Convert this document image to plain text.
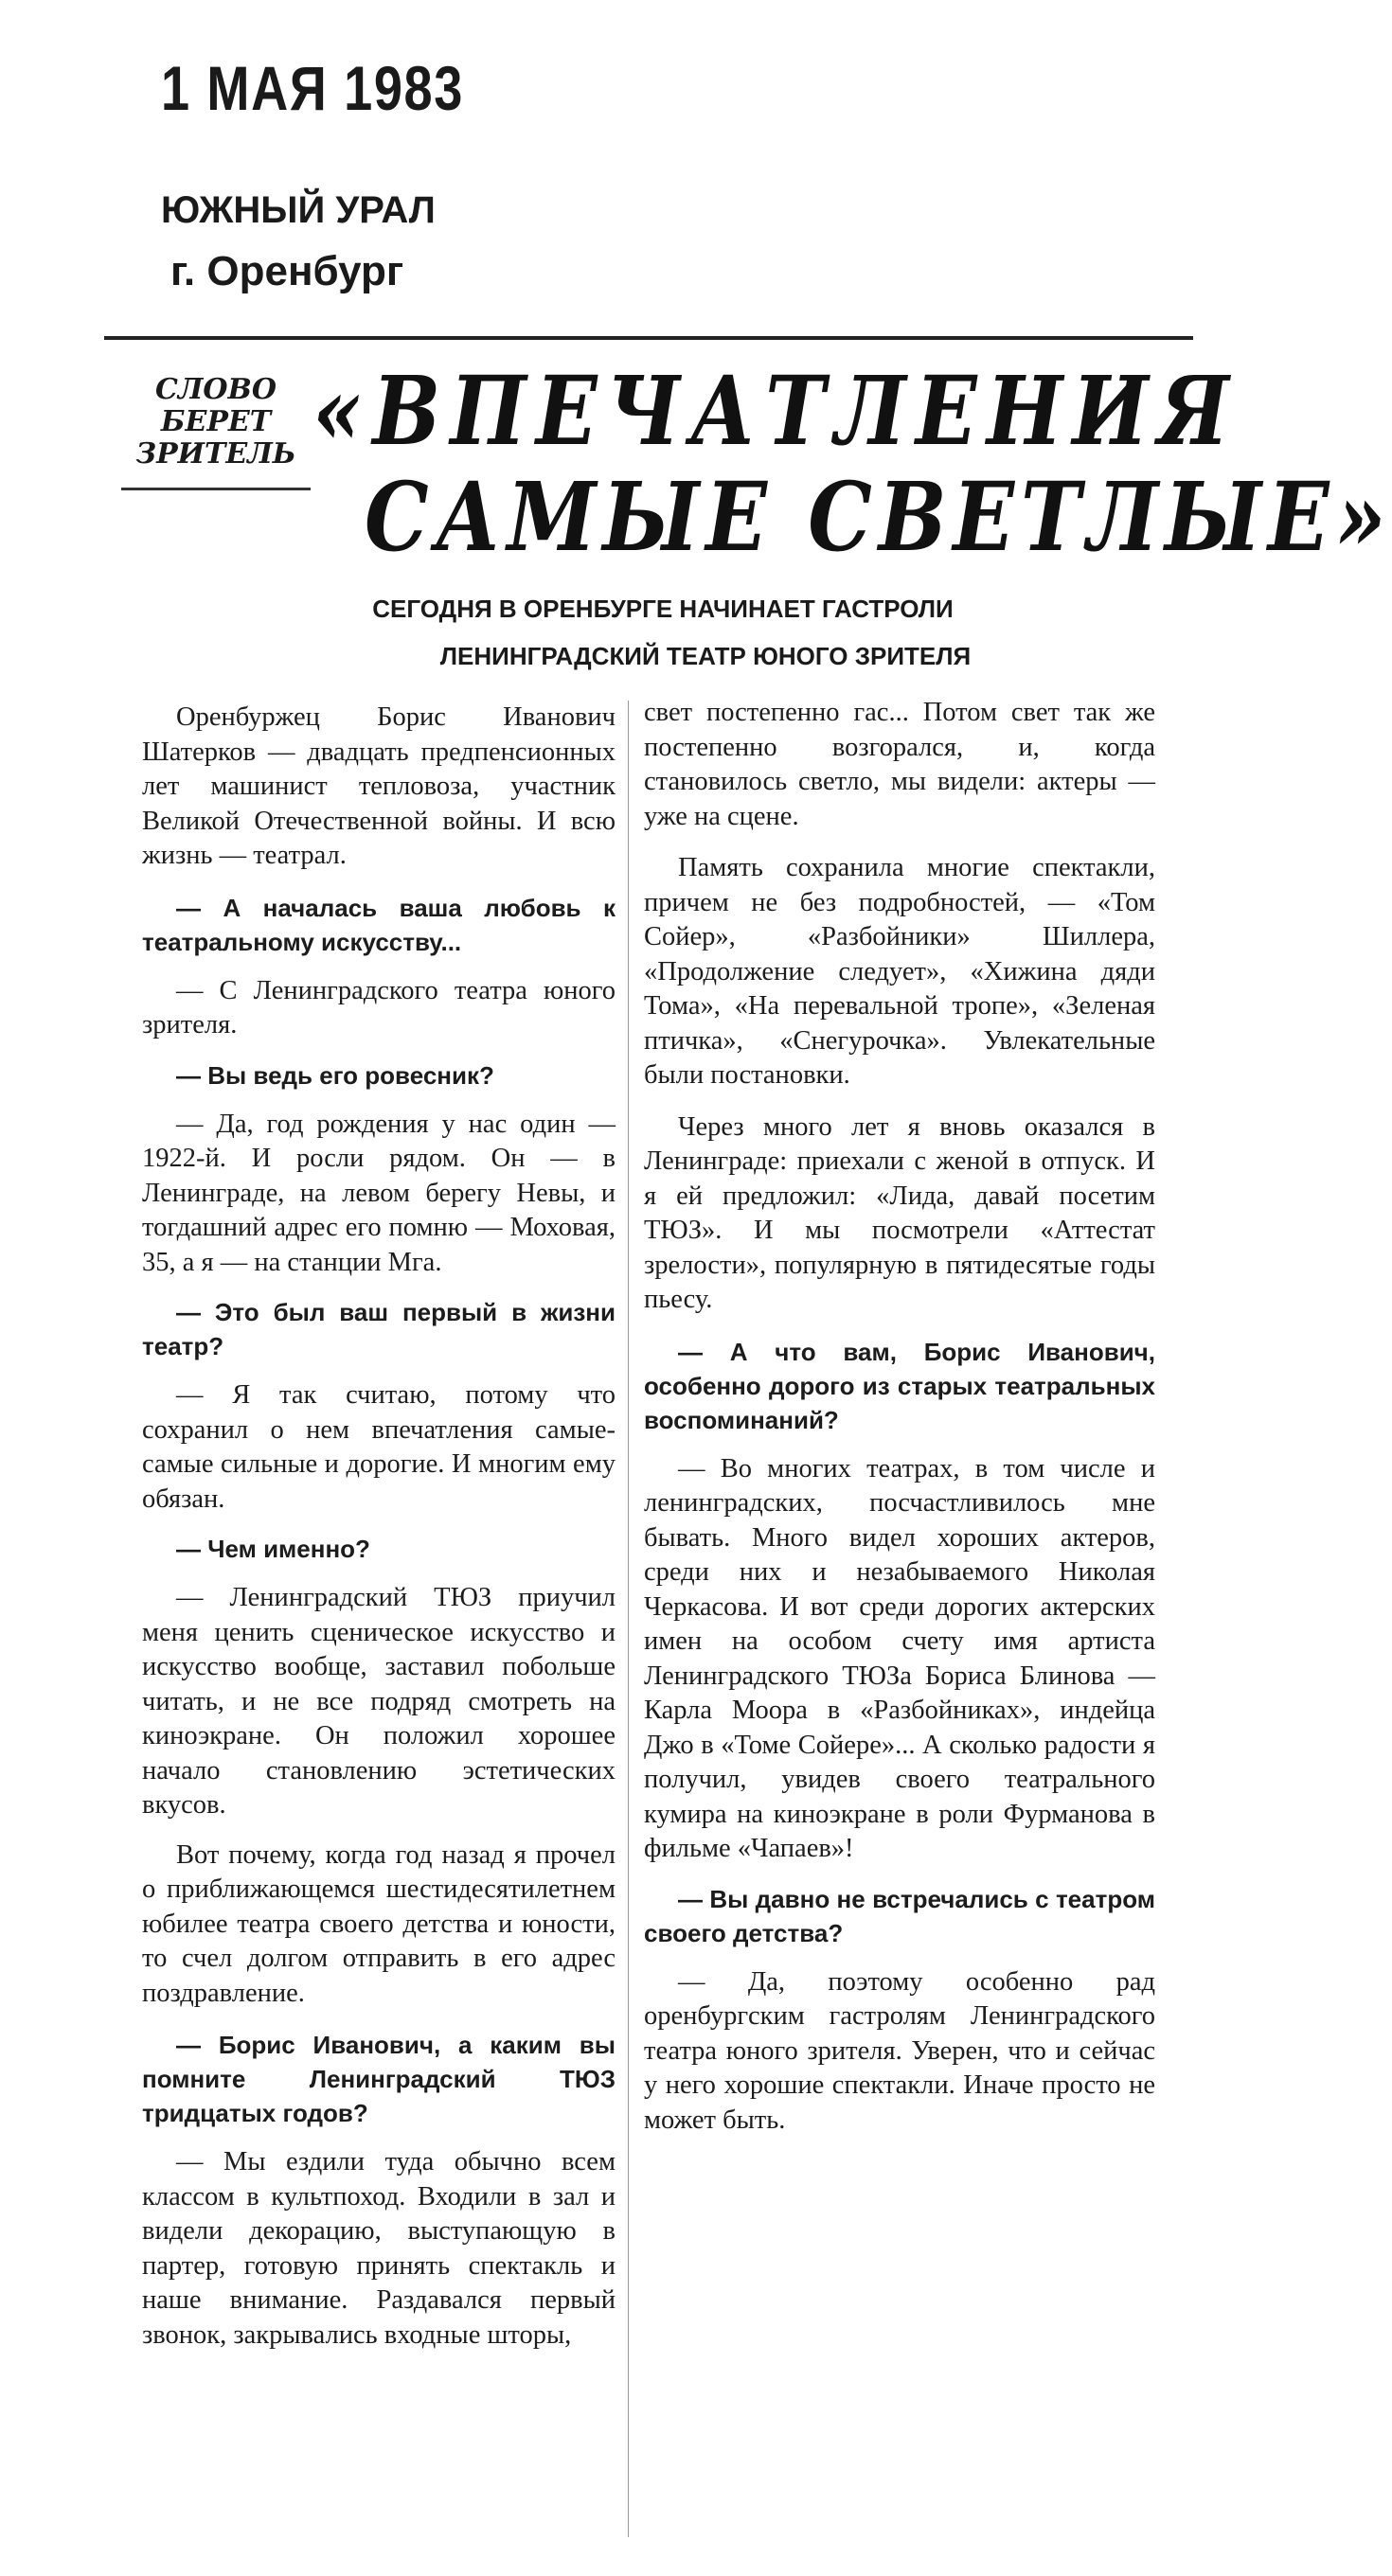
1 МАЯ 1983
ЮЖНЫЙ УРАЛ
г. Оренбург
СЛОВО
БЕРЕТ
ЗРИТЕЛЬ «ВПЕЧАТЛЕНИЯ
САМЫЕ СВЕТЛЫЕ»
СЕГОДНЯ В ОРЕНБУРГЕ НАЧИНАЕТ ГАСТРОЛИ
ЛЕНИНГРАДСКИЙ ТЕАТР ЮНОГО ЗРИТЕЛЯ

Оренбуржец Борис Иванович Шатерков — двадцать предпенсионных лет машинист тепловоза, участник Великой Отечественной войны. И всю жизнь — театрал.

— А началась ваша любовь к театральному искусству...

— С Ленинградского театра юного зрителя.

— Вы ведь его ровесник?

— Да, год рождения у нас один — 1922-й. И росли рядом. Он — в Ленинграде, на левом берегу Невы, и тогдашний адрес его помню — Моховая, 35, а я — на станции Мга.

— Это был ваш первый в жизни театр?

— Я так считаю, потому что сохранил о нем впечатления самые-самые сильные и дорогие. И многим ему обязан.

— Чем именно?

— Ленинградский ТЮЗ приучил меня ценить сценическое искусство и искусство вообще, заставил побольше читать, и не все подряд смотреть на киноэкране. Он положил хорошее начало становлению эстетических вкусов.

Вот почему, когда год назад я прочел о приближающемся шестидесятилетнем юбилее театра своего детства и юности, то счел долгом отправить в его адрес поздравление.

— Борис Иванович, а каким вы помните Ленинградский ТЮЗ тридцатых годов?

— Мы ездили туда обычно всем классом в культпоход. Входили в зал и видели декорацию, выступающую в партер, готовую принять спектакль и наше внимание. Раздавался первый звонок, закрывались входные шторы,

свет постепенно гас... Потом свет так же постепенно возгорался, и, когда становилось светло, мы видели: актеры — уже на сцене.

Память сохранила многие спектакли, причем не без подробностей, — «Том Сойер», «Разбойники» Шиллера, «Продолжение следует», «Хижина дяди Тома», «На перевальной тропе», «Зеленая птичка», «Снегурочка». Увлекательные были постановки.

Через много лет я вновь оказался в Ленинграде: приехали с женой в отпуск. И я ей предложил: «Лида, давай посетим ТЮЗ». И мы посмотрели «Аттестат зрелости», популярную в пятидесятые годы пьесу.

— А что вам, Борис Иванович, особенно дорого из старых театральных воспоминаний?

— Во многих театрах, в том числе и ленинградских, посчастливилось мне бывать. Много видел хороших актеров, среди них и незабываемого Николая Черкасова. И вот среди дорогих актерских имен на особом счету имя артиста Ленинградского ТЮЗа Бориса Блинова — Карла Моора в «Разбойниках», индейца Джо в «Томе Сойере»... А сколько радости я получил, увидев своего театрального кумира на киноэкране в роли Фурманова в фильме «Чапаев»!

— Вы давно не встречались с театром своего детства?

— Да, поэтому особенно рад оренбургским гастролям Ленинградского театра юного зрителя. Уверен, что и сейчас у него хорошие спектакли. Иначе просто не может быть.
